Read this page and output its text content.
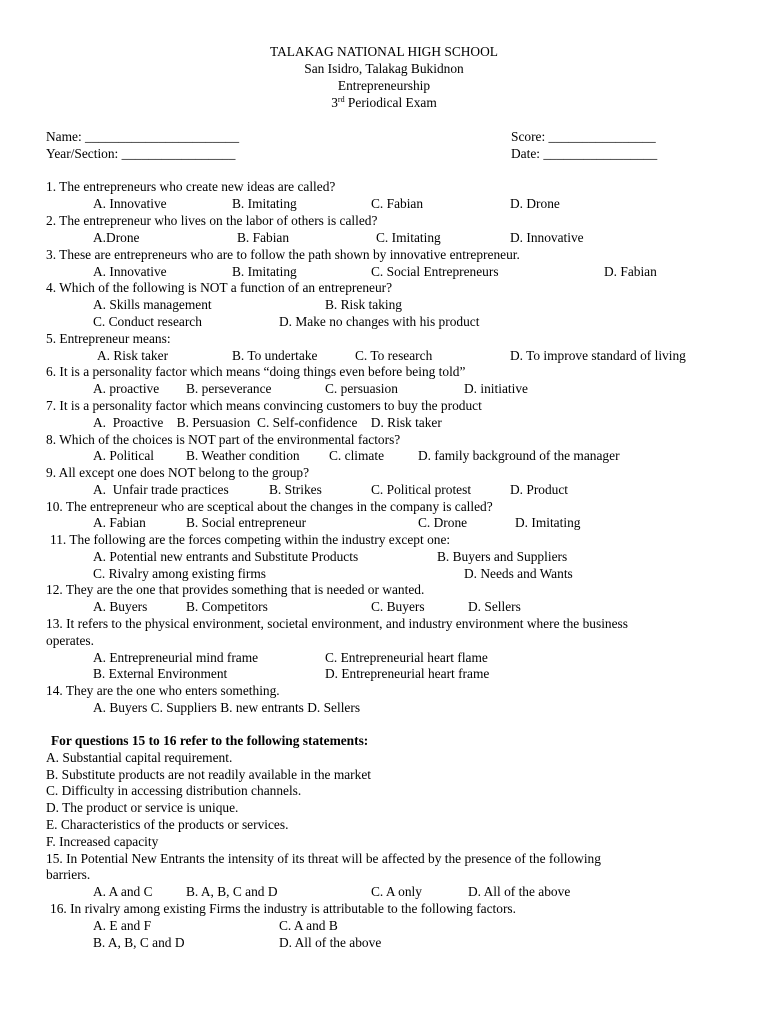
TALAKAG NATIONAL HIGH SCHOOL
San Isidro, Talakag Bukidnon
Entrepreneurship
3rd Periodical Exam
Name: _______________________
Year/Section: _________________
Score: ________________
Date: _________________
1. The entrepreneurs who create new ideas are called?
A. Innovative	B. Imitating	C. Fabian	D. Drone
2. The entrepreneur who lives on the labor of others is called?
A.Drone	B. Fabian	C. Imitating	D. Innovative
3. These are entrepreneurs who are to follow the path shown by innovative entrepreneur.
A. Innovative	B. Imitating	C. Social Entrepreneurs	D. Fabian
4. Which of the following is NOT a function of an entrepreneur?
A. Skills management	B. Risk taking
C. Conduct research	D. Make no changes with his product
5. Entrepreneur means:
A. Risk taker	B. To undertake	C. To research	D. To improve standard of living
6. It is a personality factor which means “doing things even before being told”
A. proactive B. perseverance	C. persuasion	D. initiative
7. It is a personality factor which means convincing customers to buy the product
A.  Proactive    B. Persuasion  C. Self-confidence    D. Risk taker
8. Which of the choices is NOT part of the environmental factors?
A. Political B. Weather condition C. climate	D. family background of the manager
9. All except one does NOT belong to the group?
A.  Unfair trade practices	B. Strikes	C. Political protest	D. Product
10. The entrepreneur who are sceptical about the changes in the company is called?
A. Fabian	B. Social entrepreneur	C. Drone	D. Imitating
11. The following are the forces competing within the industry except one:
A. Potential new entrants and Substitute Products	B. Buyers and Suppliers
C. Rivalry among existing firms	D. Needs and Wants
12. They are the one that provides something that is needed or wanted.
A. Buyers	B. Competitors	C. Buyers	D. Sellers
13. It refers to the physical environment, societal environment, and industry environment where the business
operates.
A. Entrepreneurial mind frame	C. Entrepreneurial heart flame
B. External Environment	D. Entrepreneurial heart frame
14. They are the one who enters something.
A. Buyers C. Suppliers B. new entrants D. Sellers
For questions 15 to 16 refer to the following statements:
A. Substantial capital requirement.
B. Substitute products are not readily available in the market
C. Difficulty in accessing distribution channels.
D. The product or service is unique.
E. Characteristics of the products or services.
F. Increased capacity
15. In Potential New Entrants the intensity of its threat will be affected by the presence of the following
barriers.
A. A and C B. A, B, C and D	C. A only	D. All of the above
16. In rivalry among existing Firms the industry is attributable to the following factors.
A. E and F	C. A and B
B. A, B, C and D	D. All of the above
